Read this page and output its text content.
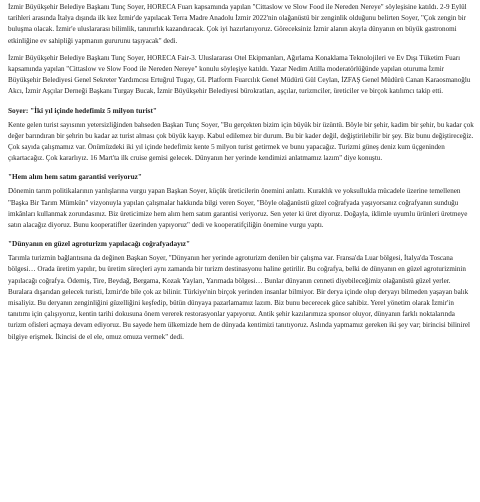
İzmir Büyükşehir Belediye Başkanı Tunç Soyer, HORECA Fuarı kapsamında yapılan "Cittaslow ve Slow Food ile Nereden Nereye" söyleşisine katıldı. 2-9 Eylül tarihleri arasında İtalya dışında ilk kez İzmir'de yapılacak Terra Madre Anadolu İzmir 2022'nin olağanüstü bir zenginlik olduğunu belirten Soyer, "Çok zengin bir buluşma olacak. İzmir'e uluslararası bilimlik, tanınırlık kazandıracak. Çok iyi hazırlanıyoruz. Göreceksiniz İzmir alanın akıyla dünyanın en büyük gastronomi etkinliğine ev sahipliği yapmanın gururunu taşıyacak" dedi.

İzmir Büyükşehir Belediye Başkanı Tunç Soyer, HORECA Fair-3. Uluslararası Otel Ekipmanları, Ağırlama Konaklama Teknolojileri ve Ev Dışı Tüketim Fuarı kapsamında yapılan "Cittaslow ve Slow Food ile Nereden Nereye" konulu söyleşiye katıldı. Yazar Nedim Atilla moderatörlüğünde yapılan oturuma İzmir Büyükşehir Belediyesi Genel Sekreter Yardımcısı Ertuğrul Tugay, GL Platform Fuarcılık Genel Müdürü Gül Ceylan, İZFAŞ Genel Müdürü Canan Karaosmanoğlu Akcı, İzmir Aşçılar Derneği Başkanı Turgay Bucak, İzmir Büyükşehir Belediyesi bürokratları, aşçılar, turizmciler, üreticiler ve birçok katılımcı takip etti.

Soyer: "İki yıl içinde hedefimiz 5 milyon turist"

Kente gelen turist sayısının yetersizliğinden bahseden Başkan Tunç Soyer, "Bu gerçekten bizim için büyük bir üzüntü. Böyle bir şehir, kadim bir şehir, bu kadar çok değer barındıran bir şehrin bu kadar az turist alması çok büyük kayıp. Kabul edilemez bir durum. Bu bir kader değil, değiştirilebilir bir şey. Biz bunu değiştireceğiz. Çok sayıda çalışmamız var. Önümüzdeki iki yıl içinde hedefimiz kente 5 milyon turist getirmek ve bunu yapacağız. Turizmi güneş deniz kum üçgeninden çıkartacağız. Çok kararlıyız. 16 Mart'ta ilk cruise gemisi gelecek. Dünyanın her yerinde kendimizi anlatmamız lazım" diye konuştu.

"Hem alım hem satım garantisi veriyoruz"

Dönemin tarım politikalarının yanlışlarına vurgu yapan Başkan Soyer, küçük üreticilerin önemini anlattı. Kuraklık ve yoksullukla mücadele üzerine temellenen "Başka Bir Tarım Mümkün" vizyonuyla yapılan çalışmalar hakkında bilgi veren Soyer, "Böyle olağanüstü güzel coğrafyada yaşıyorsanız coğrafyanın sunduğu imkânları kullanmak zorundasınız. Biz üreticimize hem alım hem satım garantisi veriyoruz. Sen yeter ki üret diyoruz. Doğayla, iklimle uyumlu ürünleri üretmeye satın alacağız diyoruz. Bunu kooperatifler üzerinden yapıyoruz" dedi ve kooperatifçiliğin önemine vurgu yaptı.

"Dünyanın en güzel agroturizm yapılacağı coğrafyadayız"

Tarımla turizmin bağlantısına da değinen Başkan Soyer, "Dünyanın her yerinde agroturizm denilen bir çalışma var. Fransa'da Luar bölgesi, İtalya'da Toscana bölgesi… Orada üretim yapılır, bu üretim süreçleri aynı zamanda bir turizm destinasyonu haline getirilir. Bu coğrafya, belki de dünyanın en güzel agroturizminin yapılacağı coğrafya. Ödemiş, Tire, Beydağ, Bergama, Kozak Yayları, Yarımada bölgesi… Bunlar dünyanın cenneti diyebileceğimiz olağanüstü güzel yerler. Buralara dışarıdan gelecek turisti, İzmir'de bile çok az bilinir. Türkiye'nin birçok yerinden insanlar bilmiyor. Bir derya içinde olup deryayı bilmeden yaşayan balık misaliyiz. Bu deryanın zenginliğini güzelliğini keşfedip, bütün dünyaya pazarlamamız lazım. Biz bunu becerecek güce sahibiz. Yerel yönetim olarak İzmir'in tanıtımı için çalışıyoruz, kentin tarihi dokusuna önem vererek restorasyonlar yapıyoruz. Antik şehir kazılarımıza sponsor oluyor, dünyanın farklı noktalarında turizm ofisleri açmaya devam ediyoruz. Bu sayede hem ülkemizde hem de dünyada kentimizi tanıtıyoruz. Aslında yapmamız gereken iki şey var; birincisi bilinirel bilgiye erişmek. İkincisi de el ele, omuz omuza vermek" dedi.
